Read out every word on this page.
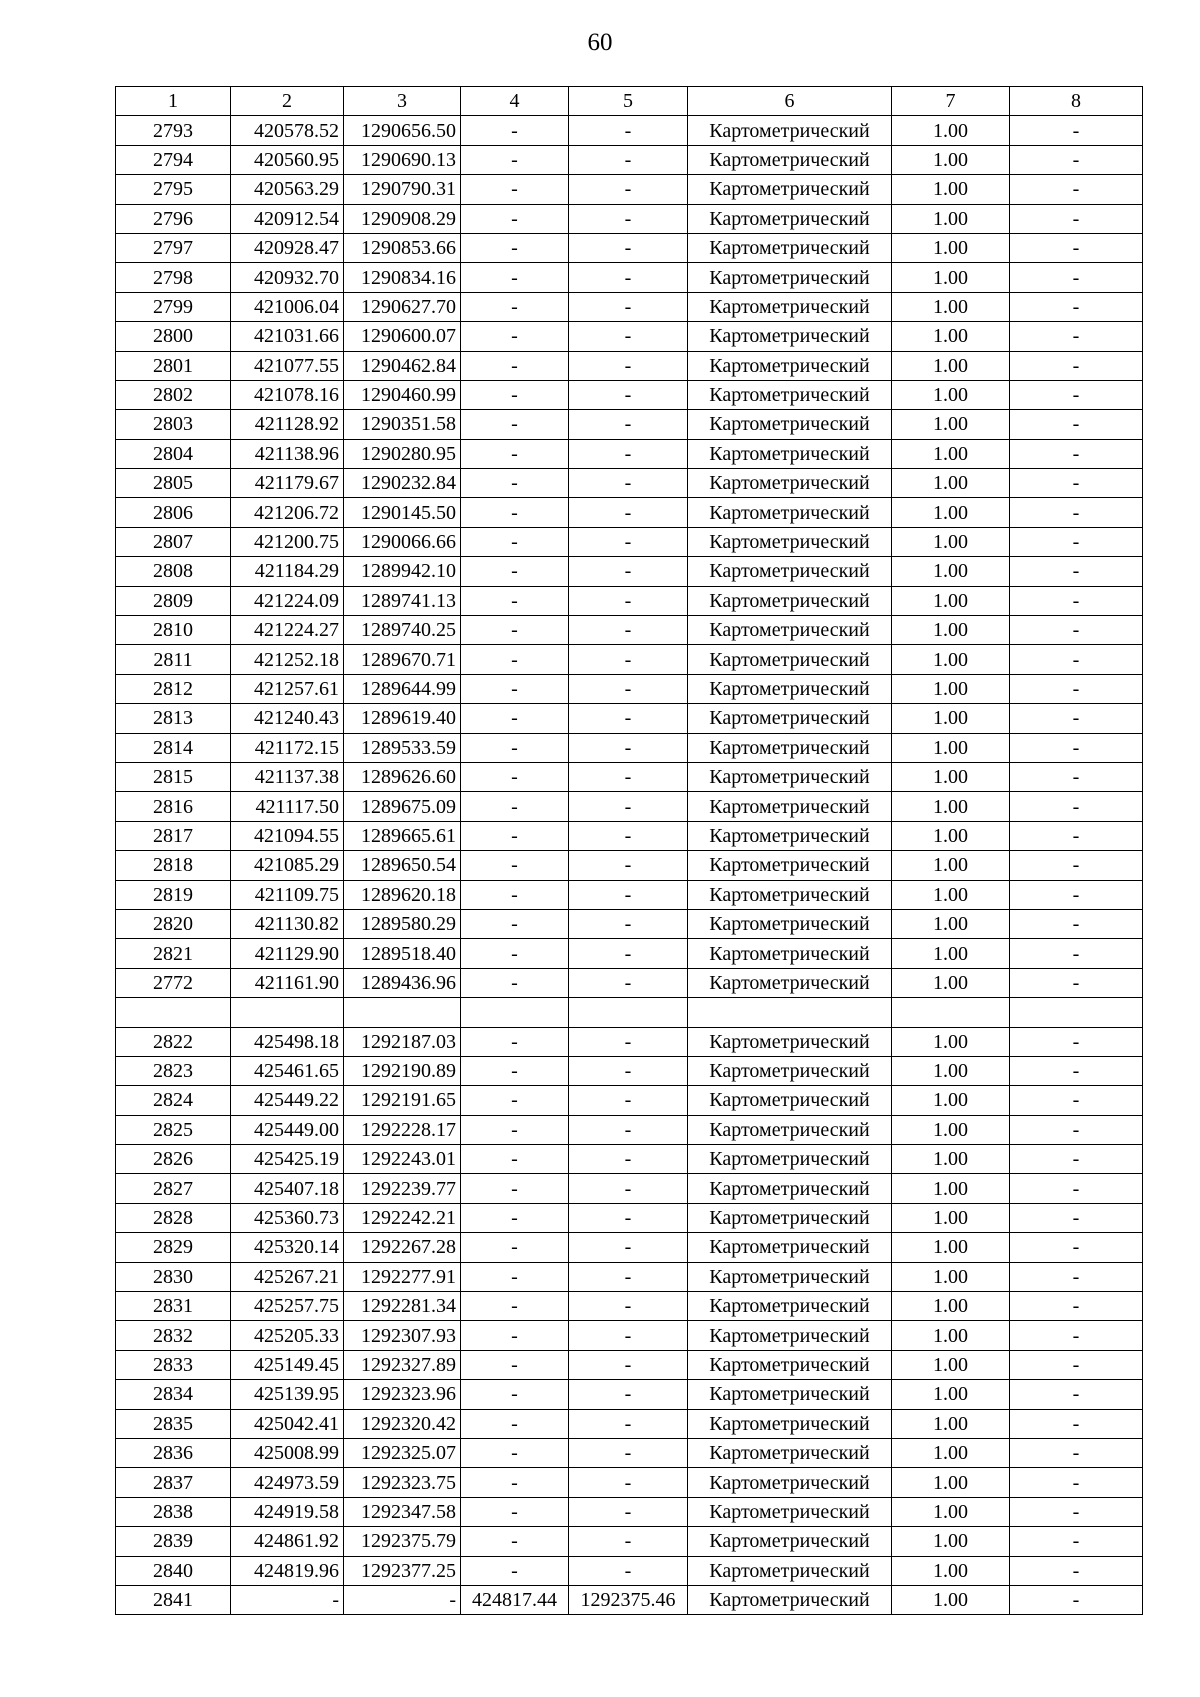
60
1	2	3	4	5	6	7	8
2793	420578.52	1290656.50	-	-	Картометрический	1.00	-
2794	420560.95	1290690.13	-	-	Картометрический	1.00	-
2795	420563.29	1290790.31	-	-	Картометрический	1.00	-
2796	420912.54	1290908.29	-	-	Картометрический	1.00	-
2797	420928.47	1290853.66	-	-	Картометрический	1.00	-
2798	420932.70	1290834.16	-	-	Картометрический	1.00	-
2799	421006.04	1290627.70	-	-	Картометрический	1.00	-
2800	421031.66	1290600.07	-	-	Картометрический	1.00	-
2801	421077.55	1290462.84	-	-	Картометрический	1.00	-
2802	421078.16	1290460.99	-	-	Картометрический	1.00	-
2803	421128.92	1290351.58	-	-	Картометрический	1.00	-
2804	421138.96	1290280.95	-	-	Картометрический	1.00	-
2805	421179.67	1290232.84	-	-	Картометрический	1.00	-
2806	421206.72	1290145.50	-	-	Картометрический	1.00	-
2807	421200.75	1290066.66	-	-	Картометрический	1.00	-
2808	421184.29	1289942.10	-	-	Картометрический	1.00	-
2809	421224.09	1289741.13	-	-	Картометрический	1.00	-
2810	421224.27	1289740.25	-	-	Картометрический	1.00	-
2811	421252.18	1289670.71	-	-	Картометрический	1.00	-
2812	421257.61	1289644.99	-	-	Картометрический	1.00	-
2813	421240.43	1289619.40	-	-	Картометрический	1.00	-
2814	421172.15	1289533.59	-	-	Картометрический	1.00	-
2815	421137.38	1289626.60	-	-	Картометрический	1.00	-
2816	421117.50	1289675.09	-	-	Картометрический	1.00	-
2817	421094.55	1289665.61	-	-	Картометрический	1.00	-
2818	421085.29	1289650.54	-	-	Картометрический	1.00	-
2819	421109.75	1289620.18	-	-	Картометрический	1.00	-
2820	421130.82	1289580.29	-	-	Картометрический	1.00	-
2821	421129.90	1289518.40	-	-	Картометрический	1.00	-
2772	421161.90	1289436.96	-	-	Картометрический	1.00	-

2822	425498.18	1292187.03	-	-	Картометрический	1.00	-
2823	425461.65	1292190.89	-	-	Картометрический	1.00	-
2824	425449.22	1292191.65	-	-	Картометрический	1.00	-
2825	425449.00	1292228.17	-	-	Картометрический	1.00	-
2826	425425.19	1292243.01	-	-	Картометрический	1.00	-
2827	425407.18	1292239.77	-	-	Картометрический	1.00	-
2828	425360.73	1292242.21	-	-	Картометрический	1.00	-
2829	425320.14	1292267.28	-	-	Картометрический	1.00	-
2830	425267.21	1292277.91	-	-	Картометрический	1.00	-
2831	425257.75	1292281.34	-	-	Картометрический	1.00	-
2832	425205.33	1292307.93	-	-	Картометрический	1.00	-
2833	425149.45	1292327.89	-	-	Картометрический	1.00	-
2834	425139.95	1292323.96	-	-	Картометрический	1.00	-
2835	425042.41	1292320.42	-	-	Картометрический	1.00	-
2836	425008.99	1292325.07	-	-	Картометрический	1.00	-
2837	424973.59	1292323.75	-	-	Картометрический	1.00	-
2838	424919.58	1292347.58	-	-	Картометрический	1.00	-
2839	424861.92	1292375.79	-	-	Картометрический	1.00	-
2840	424819.96	1292377.25	-	-	Картометрический	1.00	-
2841	-	-	424817.44	1292375.46	Картометрический	1.00	-
